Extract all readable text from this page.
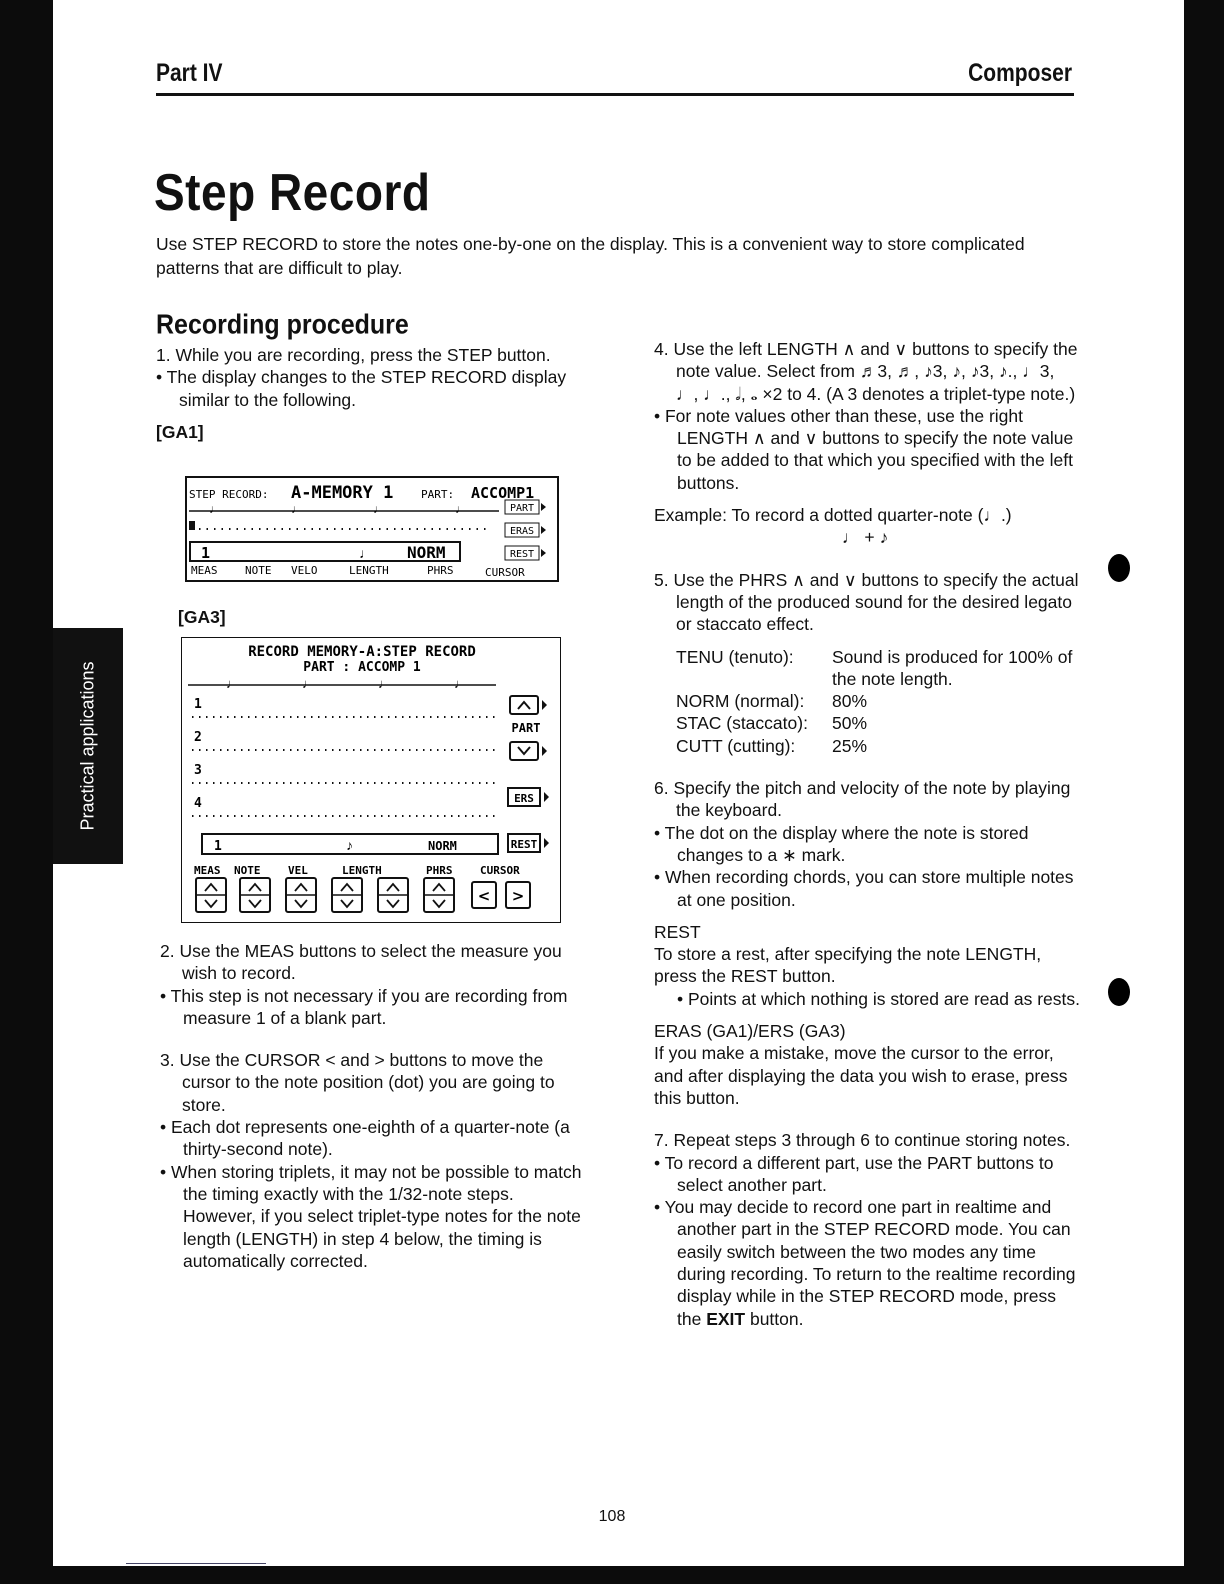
Practical applications
Part IV	Composer
Step Record

Use STEP RECORD to store the notes one-by-one on the display. This is a convenient way to store complicated patterns that are difficult to play.

Recording procedure

1. While you are recording, press the STEP button.

• The display changes to the STEP RECORD display similar to the following.

[GA1]

STEP RECORD: A-MEMORY 1	PART: ACCOMP1
♩	♩	♩	♩
1	♩ NORM
PART
ERAS
REST
MEAS	NOTE VELO	LENGTH	PHRS	CURSOR

[GA3]

RECORD MEMORY-A:STEP RECORD
PART : ACCOMP 1
♩	♩	♩	♩
1
2
3
4
PART
ERS
REST
1	♪	NORM
MEAS NOTE	VEL	LENGTH	PHRS	CURSOR
< >

2. Use the MEAS buttons to select the measure you wish to record.

• This step is not necessary if you are recording from measure 1 of a blank part.

3. Use the CURSOR < and > buttons to move the cursor to the note position (dot) you are going to store.

• Each dot represents one-eighth of a quarter-note (a thirty-second note).

• When storing triplets, it may not be possible to match the timing exactly with the 1/32-note steps. However, if you select triplet-type notes for the note length (LENGTH) in step 4 below, the timing is automatically corrected.

4. Use the left LENGTH ∧ and ∨ buttons to specify the note value. Select from ♬3, ♬, ♪3, ♪, ♪3, ♪., ♩3, ♩, ♩., 𝅗𝅥, 𝅝 ×2 to 4. (A 3 denotes a triplet-type note.)

• For note values other than these, use the right LENGTH ∧ and ∨ buttons to specify the note value to be added to that which you specified with the left buttons.

Example: To record a dotted quarter-note (♩.)

♩ + ♪

5. Use the PHRS ∧ and ∨ buttons to specify the actual length of the produced sound for the desired legato or staccato effect.

TENU (tenuto):	Sound is produced for 100% of the note length.
NORM (normal):	80%
STAC (staccato):	50%
CUTT (cutting):	25%

6. Specify the pitch and velocity of the note by playing the keyboard.

• The dot on the display where the note is stored changes to a ∗ mark.

• When recording chords, you can store multiple notes at one position.

REST

To store a rest, after specifying the note LENGTH, press the REST button.

• Points at which nothing is stored are read as rests.

ERAS (GA1)/ERS (GA3)

If you make a mistake, move the cursor to the error, and after displaying the data you wish to erase, press this button.

7. Repeat steps 3 through 6 to continue storing notes.

• To record a different part, use the PART buttons to select another part.

• You may decide to record one part in realtime and another part in the STEP RECORD mode. You can easily switch between the two modes any time during recording. To return to the realtime recording display while in the STEP RECORD mode, press the EXIT button.

108
